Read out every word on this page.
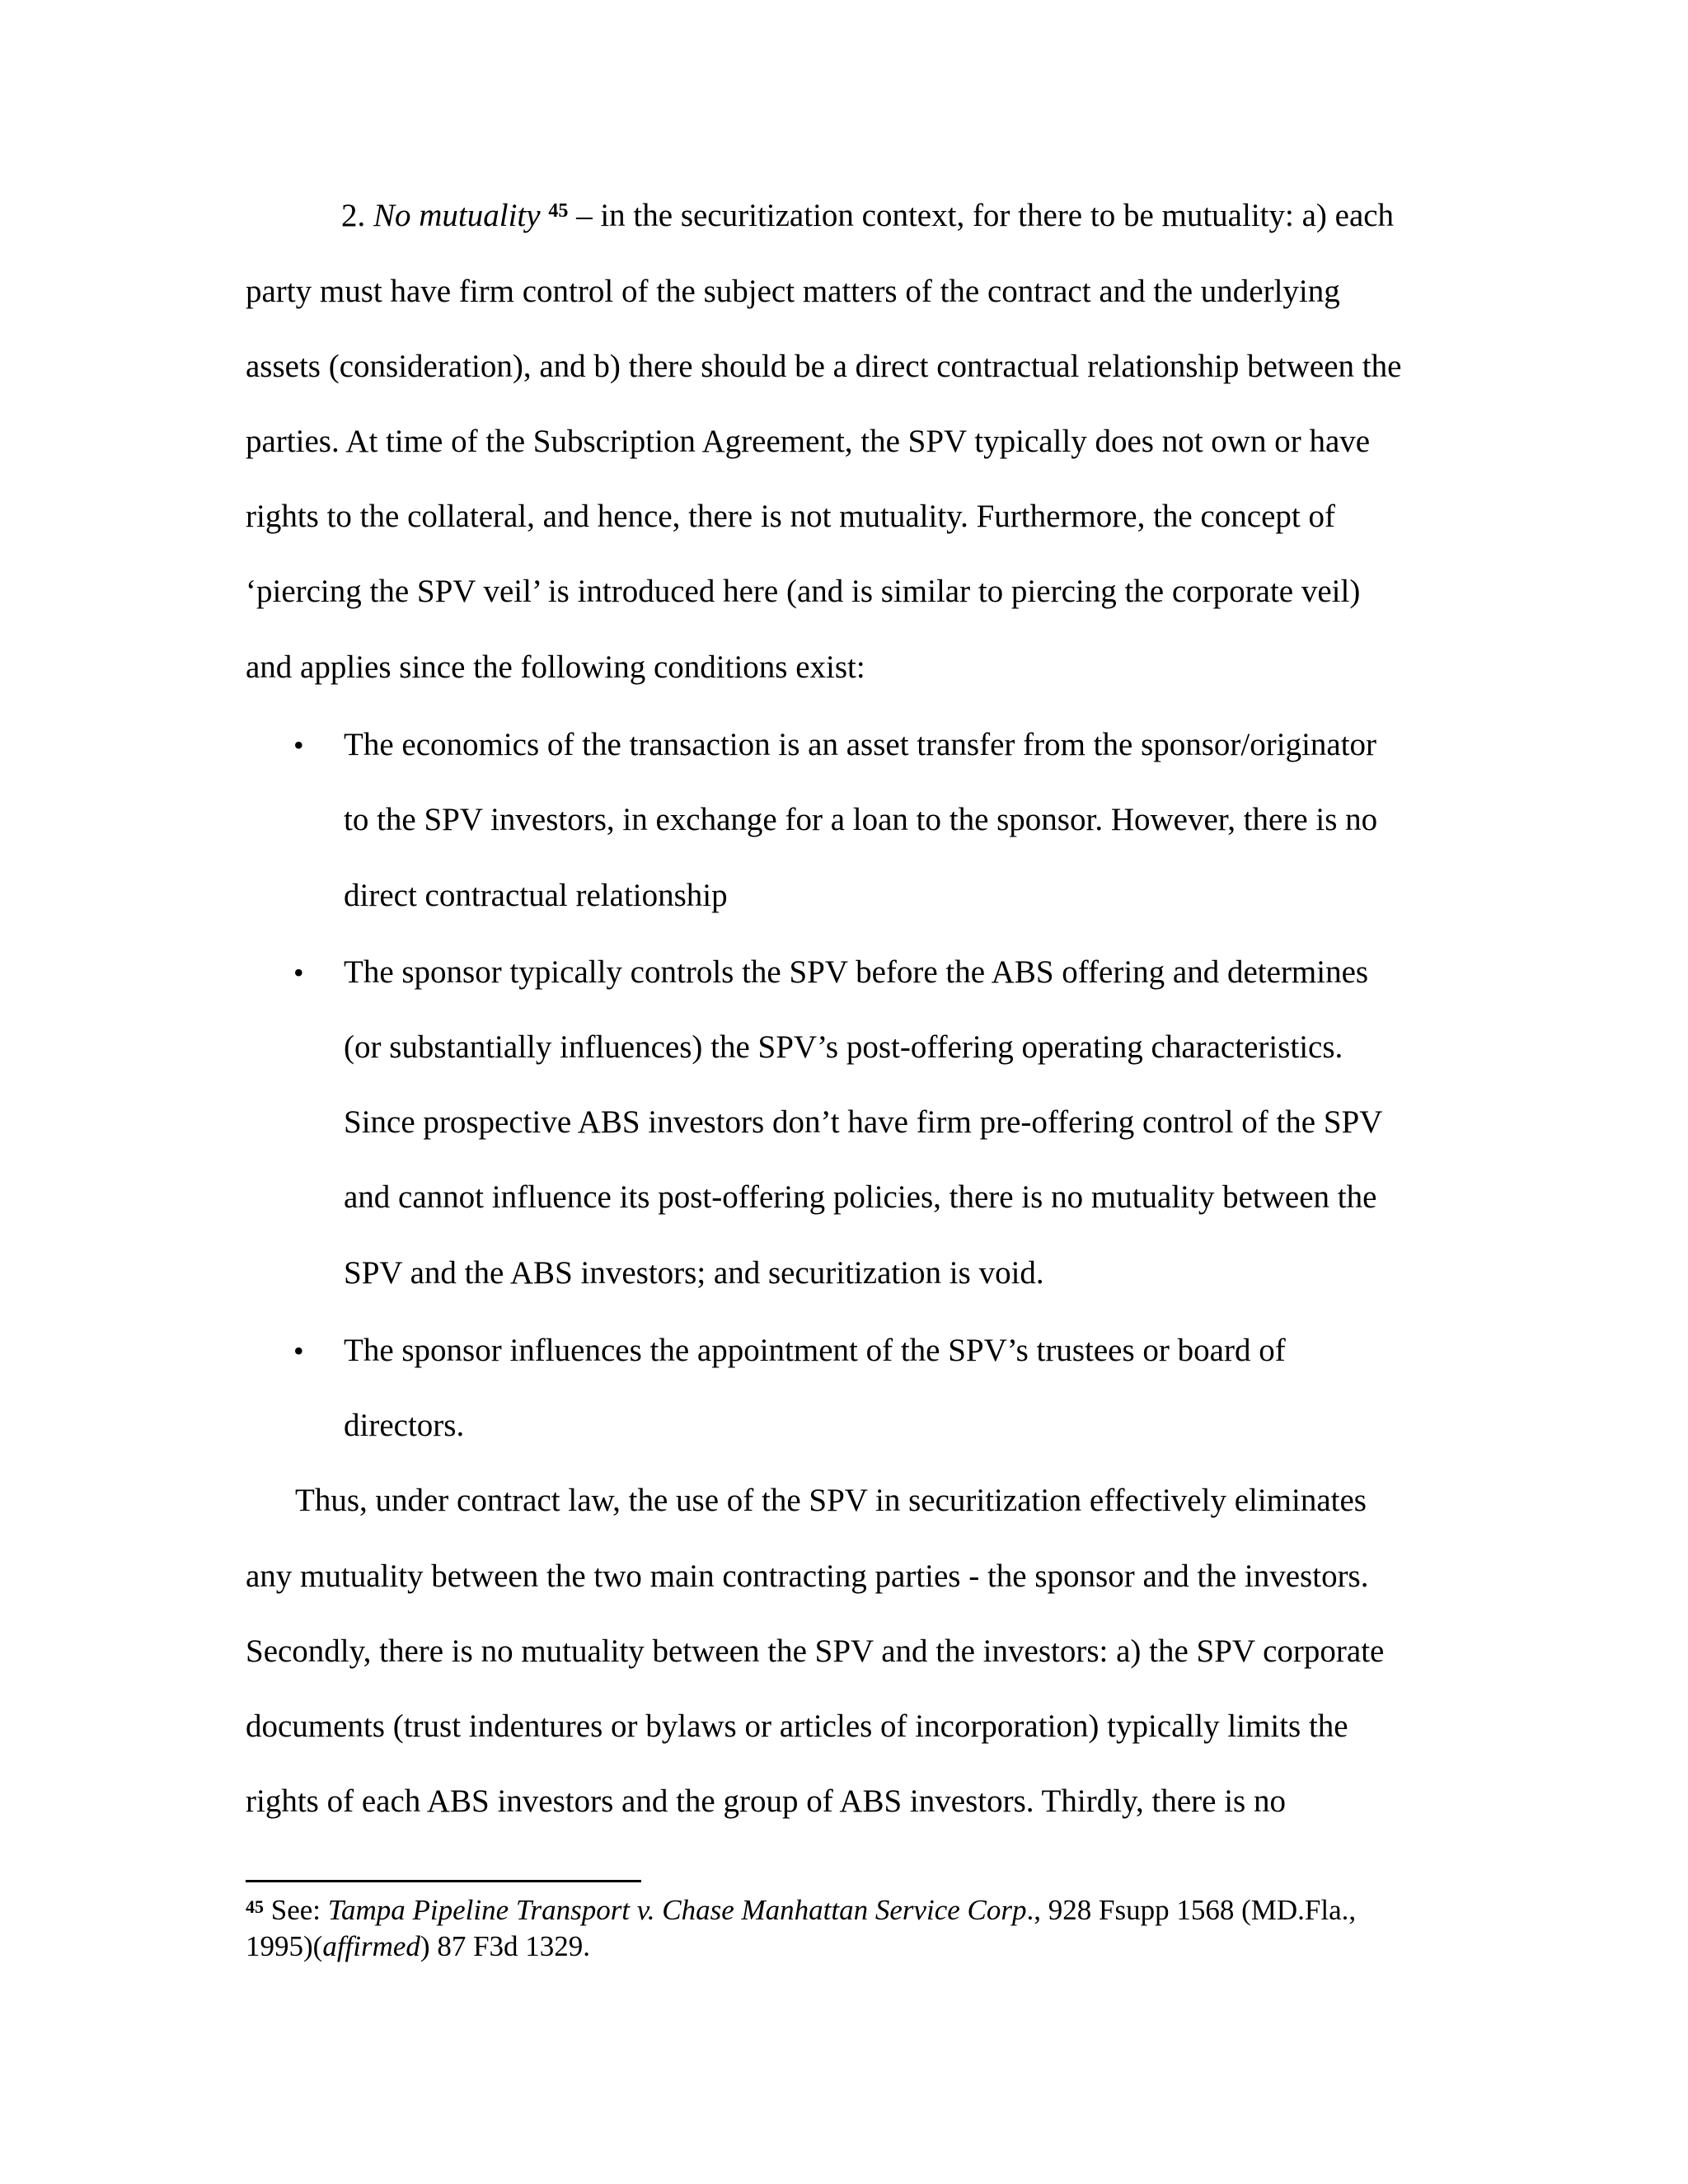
2. No mutuality $^{45}$ – in the securitization context, for there to be mutuality: a) each
party must have firm control of the subject matters of the contract and the underlying
assets (consideration), and b) there should be a direct contractual relationship between the
parties. At time of the Subscription Agreement, the SPV typically does not own or have
rights to the collateral, and hence, there is not mutuality. Furthermore, the concept of
‘piercing the SPV veil’ is introduced here (and is similar to piercing the corporate veil)
and applies since the following conditions exist:
• The economics of the transaction is an asset transfer from the sponsor/originator
to the SPV investors, in exchange for a loan to the sponsor. However, there is no
direct contractual relationship
• The sponsor typically controls the SPV before the ABS offering and determines
(or substantially influences) the SPV’s post-offering operating characteristics.
Since prospective ABS investors don’t have firm pre-offering control of the SPV
and cannot influence its post-offering policies, there is no mutuality between the
SPV and the ABS investors; and securitization is void.
• The sponsor influences the appointment of the SPV’s trustees or board of
directors.
Thus, under contract law, the use of the SPV in securitization effectively eliminates
any mutuality between the two main contracting parties - the sponsor and the investors.
Secondly, there is no mutuality between the SPV and the investors: a) the SPV corporate
documents (trust indentures or bylaws or articles of incorporation) typically limits the
rights of each ABS investors and the group of ABS investors. Thirdly, there is no
$^{45}$ See: Tampa Pipeline Transport v. Chase Manhattan Service Corp., 928 Fsupp 1568 (MD.Fla.,
1995)(affirmed) 87 F3d 1329.
